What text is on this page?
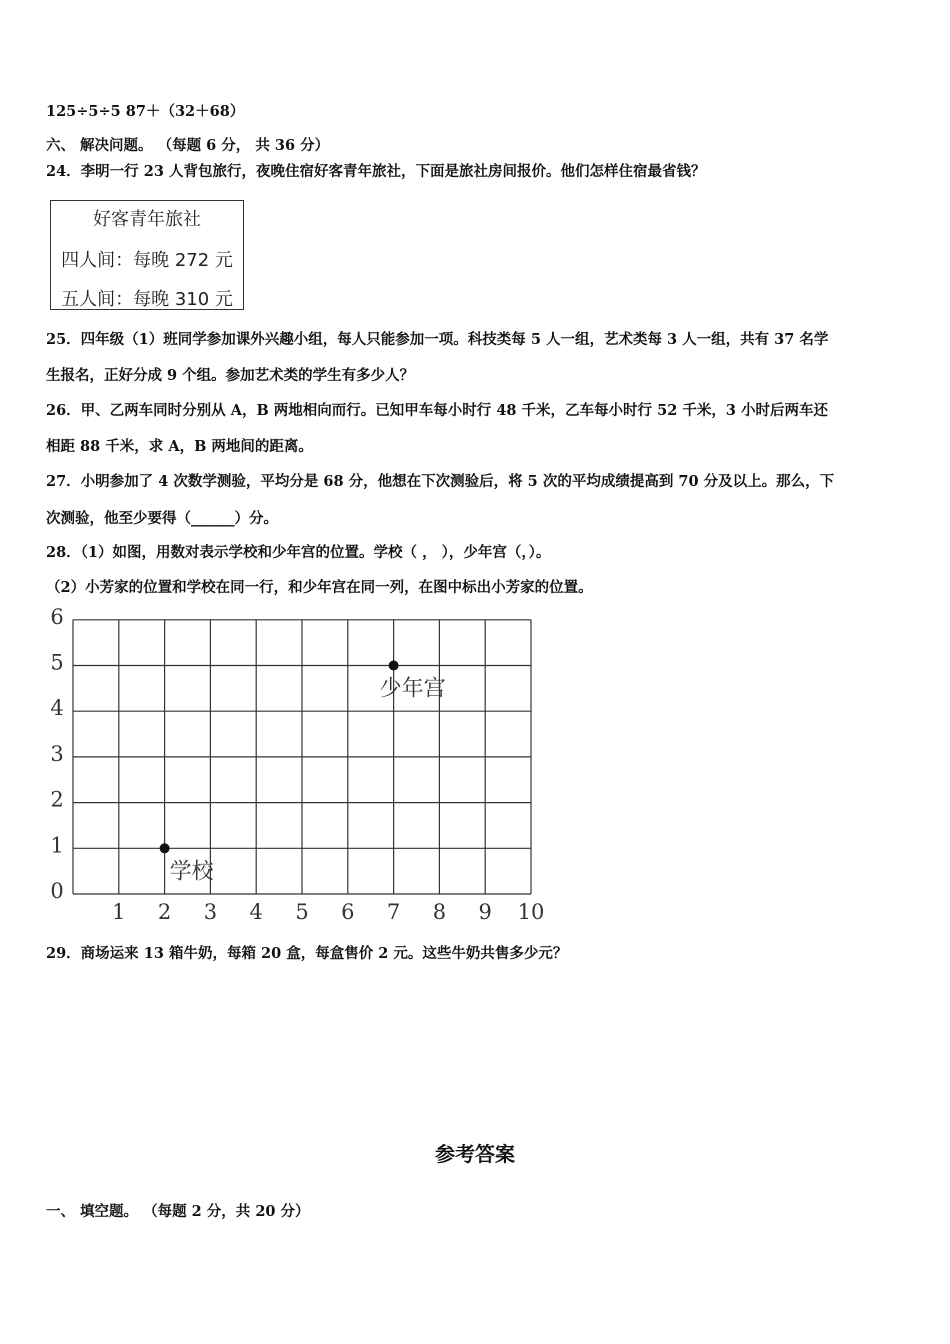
125÷5÷5 87＋（32＋68）
六、 解决问题。 （每题 6 分， 共 36 分）
24．李明一行 23 人背包旅行，夜晚住宿好客青年旅社，下面是旅社房间报价。他们怎样住宿最省钱？
好客青年旅社
四人间：每晚 272 元
五人间：每晚 310 元
25．四年级（1）班同学参加课外兴趣小组，每人只能参加一项。科技类每 5 人一组，艺术类每 3 人一组，共有 37 名学
生报名，正好分成 9 个组。参加艺术类的学生有多少人？
26．甲、乙两车同时分别从 A，B 两地相向而行。已知甲车每小时行 48 千米，乙车每小时行 52 千米，3 小时后两车还
相距 88 千米，求 A，B 两地间的距离。
27．小明参加了 4 次数学测验，平均分是 68 分，他想在下次测验后，将 5 次的平均成绩提高到 70 分及以上。那么，下
次测验，他至少要得（______）分。
28．（1）如图，用数对表示学校和少年宫的位置。学校（ ， ），少年宫（，）。
（2）小芳家的位置和学校在同一行，和少年宫在同一列，在图中标出小芳家的位置。
1 2 3 4 5 6 7 8 9 10
0
1
2
3
4
5
6
学校
少年宫
29．商场运来 13 箱牛奶，每箱 20 盒，每盒售价 2 元。这些牛奶共售多少元？
参考答案
一、 填空题。 （每题 2 分，共 20 分）
